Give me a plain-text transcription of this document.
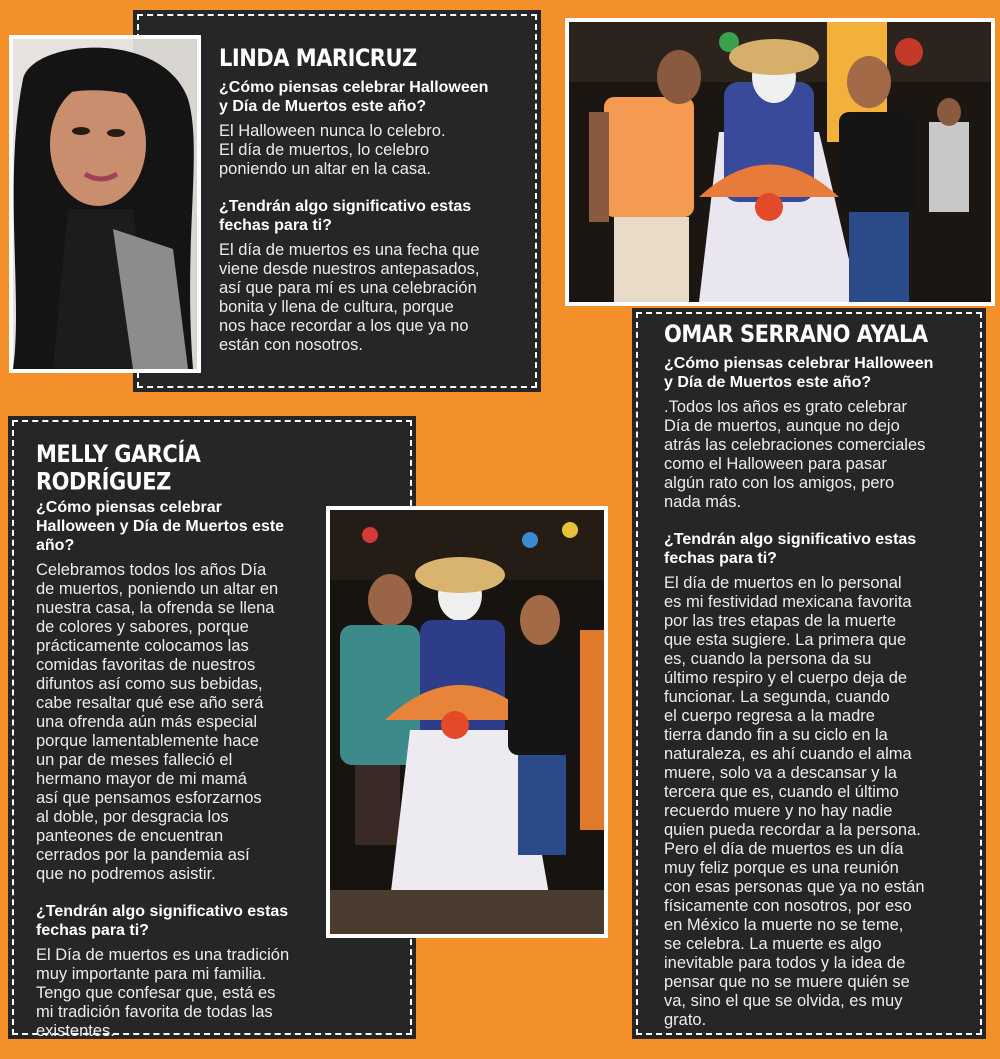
LINDA MARICRUZ
¿Cómo piensas celebrar Halloween
y Día de Muertos este año?
El Halloween nunca lo celebro.
El día de muertos, lo celebro
poniendo un altar en la casa.
¿Tendrán algo significativo estas
fechas para ti?
El día de muertos es una fecha que
viene desde nuestros antepasados,
así que para mí es una celebración
bonita y llena de cultura, porque
nos hace recordar a los que ya no
están con nosotros.	OMAR SERRANO AYALA
¿Cómo piensas celebrar Halloween
y Día de Muertos este año?
.Todos los años es grato celebrar
Día de muertos, aunque no dejo
atrás las celebraciones comerciales
como el Halloween para pasar
algún rato con los amigos, pero
nada más.
¿Tendrán algo significativo estas
fechas para ti?
El día de muertos en lo personal
es mi festividad mexicana favorita
por las tres etapas de la muerte
que esta sugiere. La primera que
es, cuando la persona da su
último respiro y el cuerpo deja de
funcionar. La segunda, cuando
el cuerpo regresa a la madre
tierra dando fin a su ciclo en la
naturaleza, es ahí cuando el alma
muere, solo va a descansar y la
tercera que es, cuando el último
recuerdo muere y no hay nadie
quien pueda recordar a la persona.
Pero el día de muertos es un día
muy feliz porque es una reunión
con esas personas que ya no están
físicamente con nosotros, por eso
en México la muerte no se teme,
se celebra. La muerte es algo
inevitable para todos y la idea de
pensar que no se muere quién se
va, sino el que se olvida, es muy
grato.
MELLY GARCÍA RODRÍGUEZ
¿Cómo piensas celebrar
Halloween y Día de Muertos este
año?
Celebramos todos los años Día
de muertos, poniendo un altar en
nuestra casa, la ofrenda se llena
de colores y sabores, porque
prácticamente colocamos las
comidas favoritas de nuestros
difuntos así como sus bebidas,
cabe resaltar qué ese año será
una ofrenda aún más especial
porque lamentablemente hace
un par de meses falleció el
hermano mayor de mi mamá
así que pensamos esforzarnos
al doble, por desgracia los
panteones de encuentran
cerrados por la pandemia así
que no podremos asistir.
¿Tendrán algo significativo estas
fechas para ti?
El Día de muertos es una tradición
muy importante para mi familia.
Tengo que confesar que, está es
mi tradición favorita de todas las
existentes.
